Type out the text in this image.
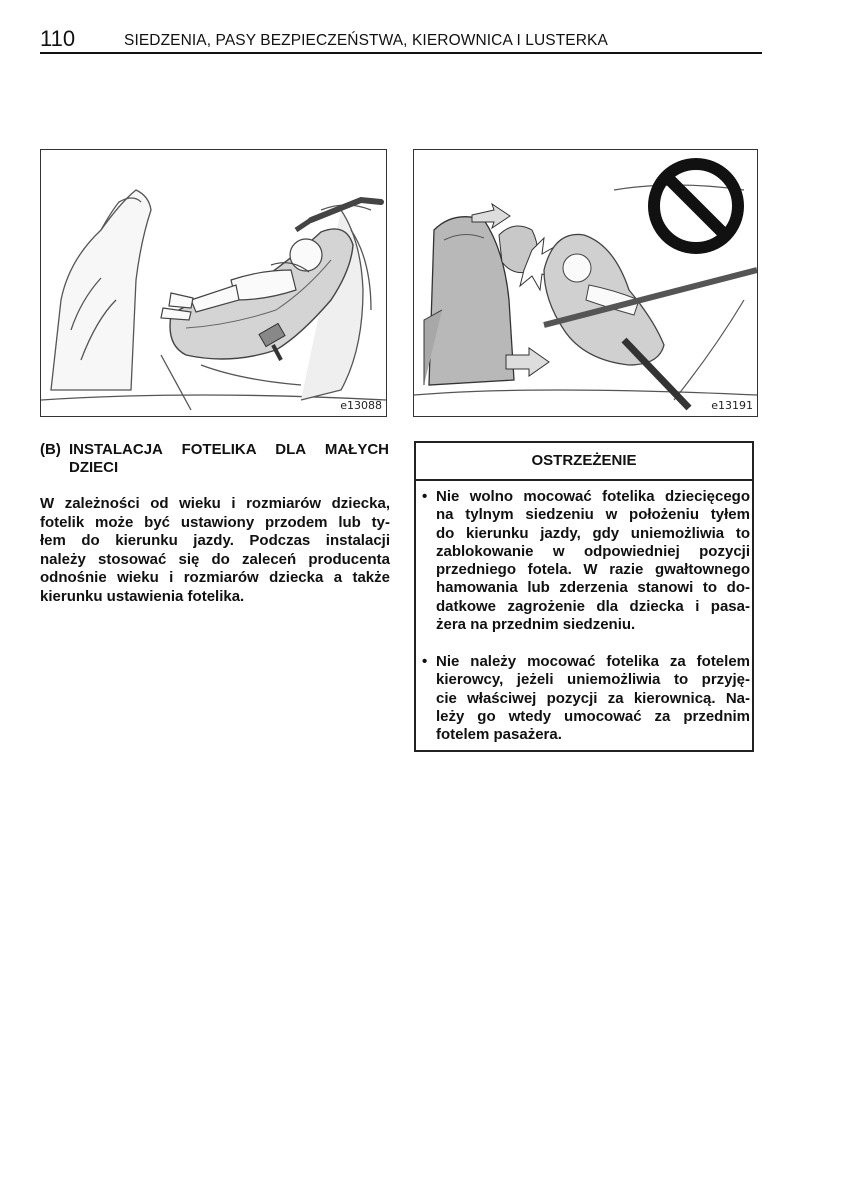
110	SIEDZENIA, PASY BEZPIECZEŃSTWA, KIEROWNICA I LUSTERKA
e13088	e13191
(B) INSTALACJA FOTELIKA DLA MAŁYCH
DZIECI
W zależności od wieku i rozmiarów dziecka,
fotelik może być ustawiony przodem lub ty-
łem do kierunku jazdy. Podczas instalacji
należy stosować się do zaleceń producenta
odnośnie wieku i rozmiarów dziecka a także
kierunku ustawienia fotelika.
OSTRZEŻENIE
• Nie wolno mocować fotelika dziecięcego
na tylnym siedzeniu w położeniu tyłem
do kierunku jazdy, gdy uniemożliwia to
zablokowanie w odpowiedniej pozycji
przedniego fotela. W razie gwałtownego
hamowania lub zderzenia stanowi to do-
datkowe zagrożenie dla dziecka i pasa-
żera na przednim siedzeniu.
• Nie należy mocować fotelika za fotelem
kierowcy, jeżeli uniemożliwia to przyję-
cie właściwej pozycji za kierownicą. Na-
leży go wtedy umocować za przednim
fotelem pasażera.
